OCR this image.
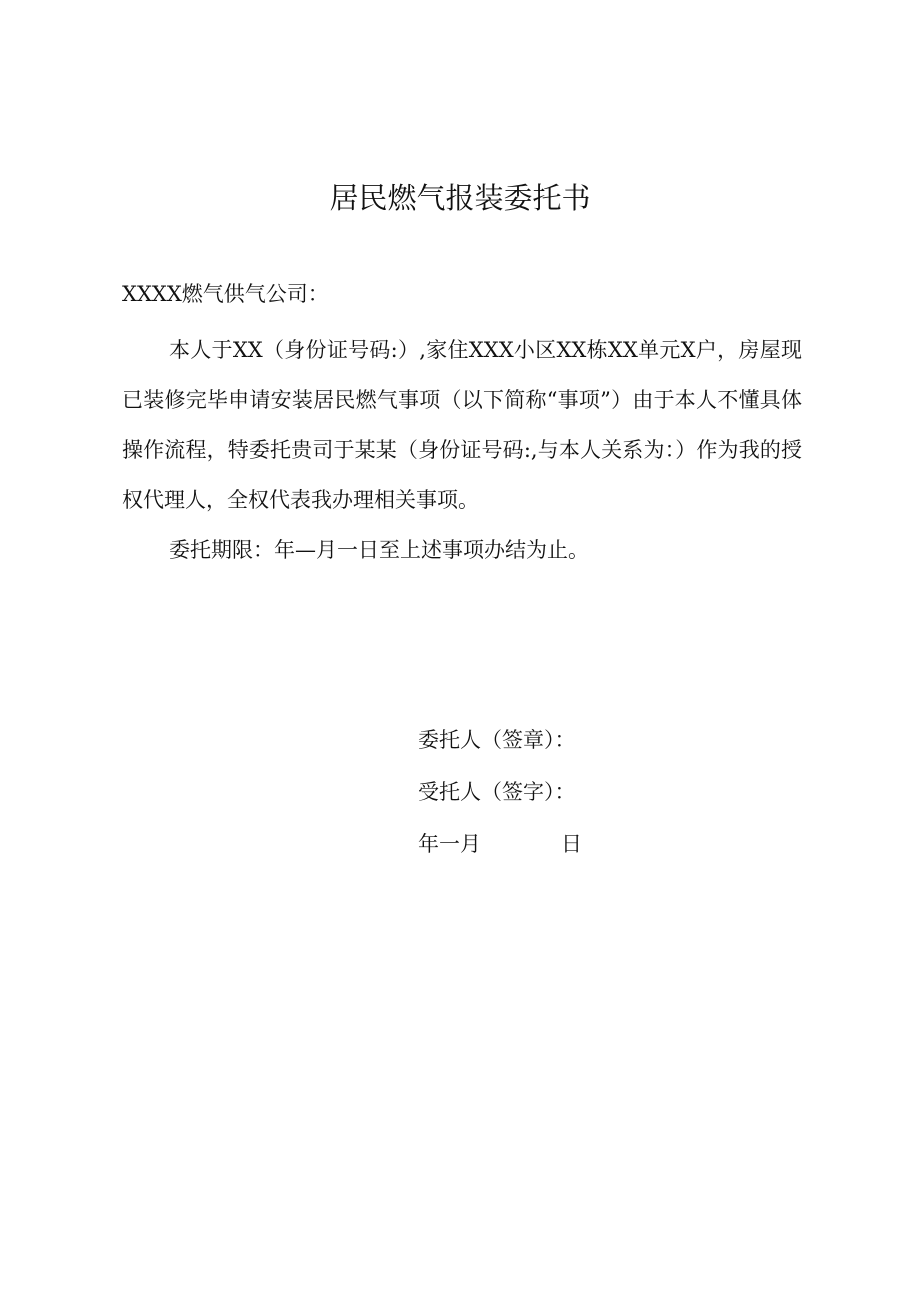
居民燃气报装委托书

XXXX燃气供气公司：

本人于XX（身份证号码:）,家住XXX小区XX栋XX单元X户，房屋现已装修完毕申请安装居民燃气事项（以下简称“事项”）由于本人不懂具体操作流程，特委托贵司于某某（身份证号码:,与本人关系为：）作为我的授权代理人，全权代表我办理相关事项。
委托期限：年—月一日至上述事项办结为止。
委托人（签章）：
受托人（签字）：
年一月	日
